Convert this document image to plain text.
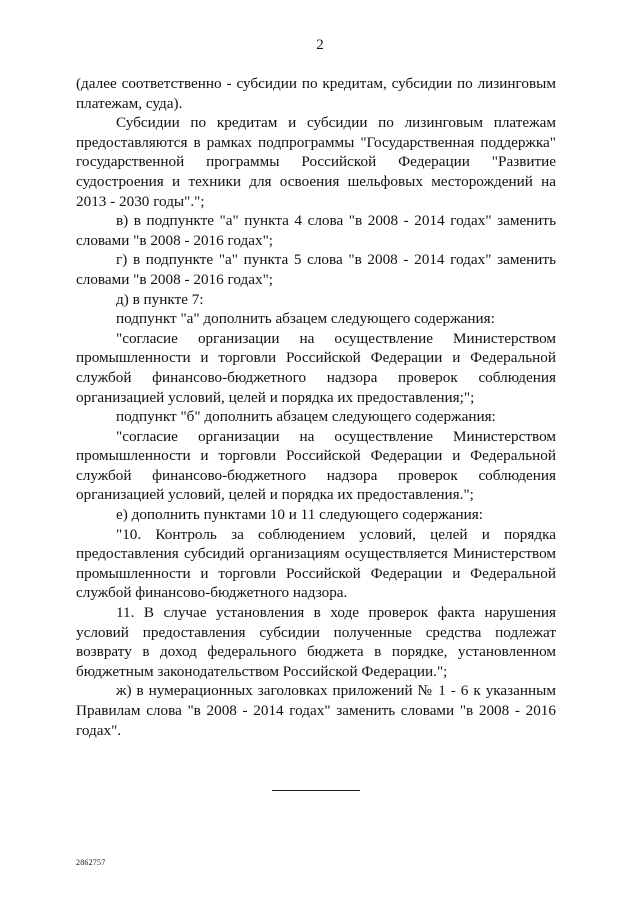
2

(далее соответственно - субсидии по кредитам, субсидии по лизинговым платежам, суда).

Субсидии по кредитам и субсидии по лизинговым платежам предоставляются в рамках подпрограммы "Государственная поддержка" государственной программы Российской Федерации "Развитие судостроения и техники для освоения шельфовых месторождений на 2013 - 2030 годы".";

в) в подпункте "а" пункта 4 слова "в 2008 - 2014 годах" заменить словами "в 2008 - 2016 годах";

г) в подпункте "а" пункта 5 слова "в 2008 - 2014 годах" заменить словами "в 2008 - 2016 годах";

д) в пункте 7:

подпункт "а" дополнить абзацем следующего содержания:

"согласие организации на осуществление Министерством промышленности и торговли Российской Федерации и Федеральной службой финансово-бюджетного надзора проверок соблюдения организацией условий, целей и порядка их предоставления;";

подпункт "б" дополнить абзацем следующего содержания:

"согласие организации на осуществление Министерством промышленности и торговли Российской Федерации и Федеральной службой финансово-бюджетного надзора проверок соблюдения организацией условий, целей и порядка их предоставления.";

е) дополнить пунктами 10 и 11 следующего содержания:

"10. Контроль за соблюдением условий, целей и порядка предоставления субсидий организациям осуществляется Министерством промышленности и торговли Российской Федерации и Федеральной службой финансово-бюджетного надзора.

11. В случае установления в ходе проверок факта нарушения условий предоставления субсидии полученные средства подлежат возврату в доход федерального бюджета в порядке, установленном бюджетным законодательством Российской Федерации.";

ж) в нумерационных заголовках приложений № 1 - 6 к указанным Правилам слова "в 2008 - 2014 годах" заменить словами "в 2008 - 2016 годах".

2862757
